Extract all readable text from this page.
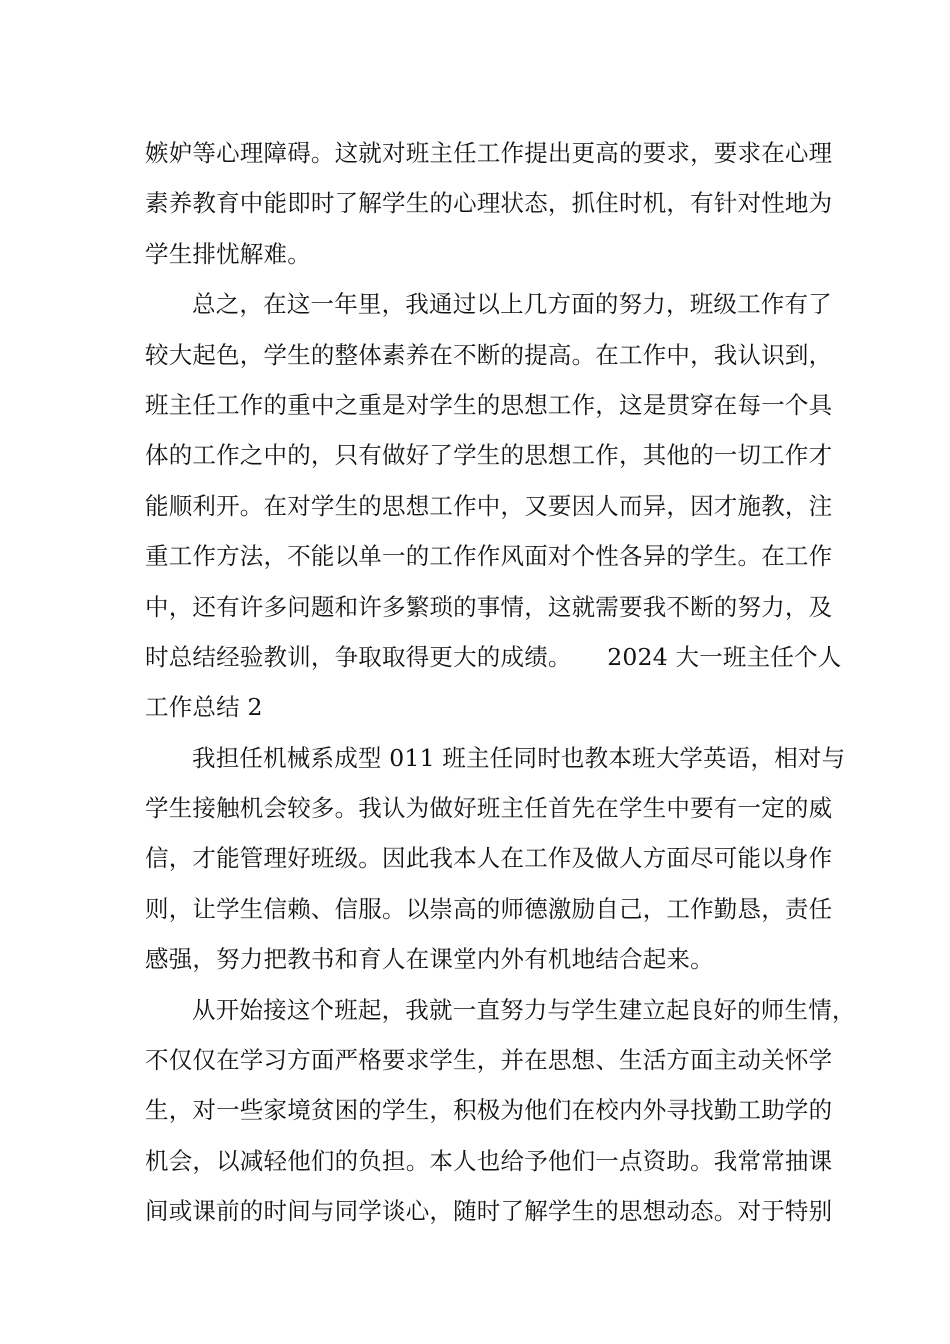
嫉妒等心理障碍。这就对班主任工作提出更高的要求，要求在心理
素养教育中能即时了解学生的心理状态，抓住时机，有针对性地为
学生排忧解难。
总之，在这一年里，我通过以上几方面的努力，班级工作有了
较大起色，学生的整体素养在不断的提高。在工作中，我认识到，
班主任工作的重中之重是对学生的思想工作，这是贯穿在每一个具
体的工作之中的，只有做好了学生的思想工作，其他的一切工作才
能顺利开。在对学生的思想工作中，又要因人而异，因才施教，注
重工作方法，不能以单一的工作作风面对个性各异的学生。在工作
中，还有许多问题和许多繁琐的事情，这就需要我不断的努力，及
时总结经验教训，争取取得更大的成绩。　　2024 大一班主任个人
工作总结 2
我担任机械系成型 011 班主任同时也教本班大学英语，相对与
学生接触机会较多。我认为做好班主任首先在学生中要有一定的威
信，才能管理好班级。因此我本人在工作及做人方面尽可能以身作
则，让学生信赖、信服。以崇高的师德激励自己，工作勤恳，责任
感强，努力把教书和育人在课堂内外有机地结合起来。
从开始接这个班起，我就一直努力与学生建立起良好的师生情，
不仅仅在学习方面严格要求学生，并在思想、生活方面主动关怀学
生，对一些家境贫困的学生，积极为他们在校内外寻找勤工助学的
机会，以减轻他们的负担。本人也给予他们一点资助。我常常抽课
间或课前的时间与同学谈心，随时了解学生的思想动态。对于特别
